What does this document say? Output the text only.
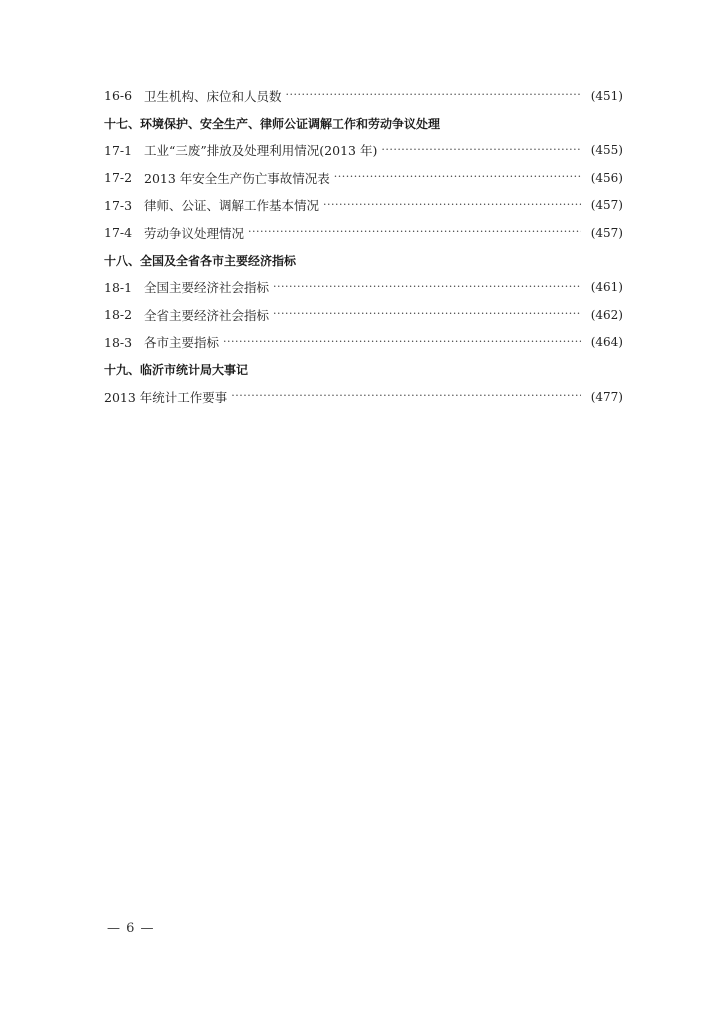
16-6 卫生机构、床位和人员数 ·····	(451)
十七、环境保护、安全生产、律师公证调解工作和劳动争议处理
17-1 工业“三废”排放及处理利用情况(2013 年) ·····	(455)
17-2 2013 年安全生产伤亡事故情况表 ·····	(456)
17-3 律师、公证、调解工作基本情况 ·····	(457)
17-4 劳动争议处理情况 ·····	(457)
十八、全国及全省各市主要经济指标
18-1 全国主要经济社会指标 ·····	(461)
18-2 全省主要经济社会指标 ·····	(462)
18-3 各市主要指标 ·····	(464)
十九、临沂市统计局大事记
2013 年统计工作要事 ·····	(477)
— 6 —
